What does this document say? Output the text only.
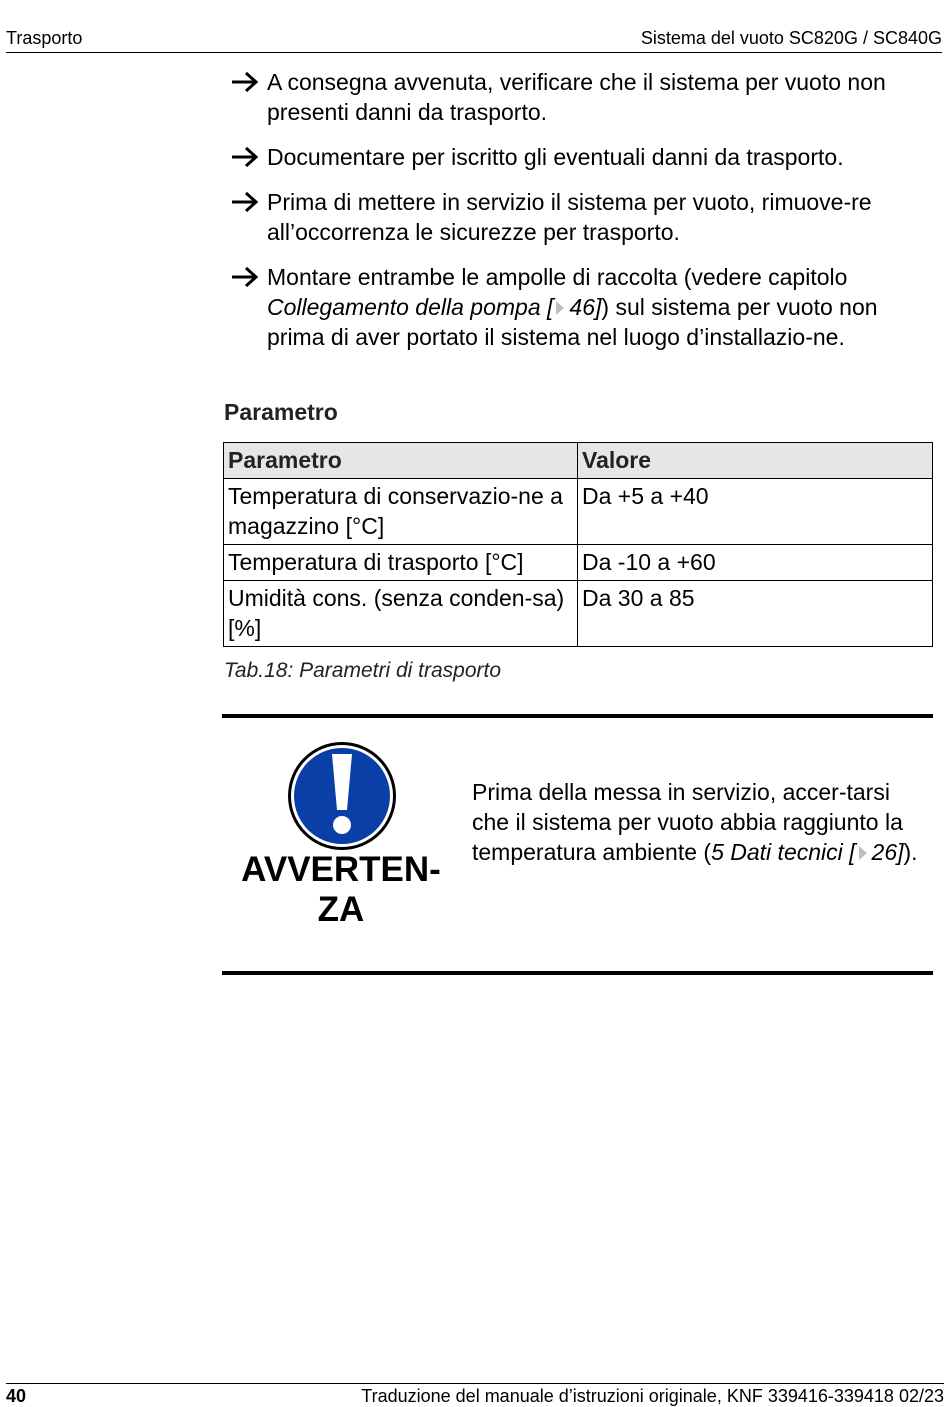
Trasporto	Sistema del vuoto SC820G / SC840G
A consegna avvenuta, verificare che il sistema per vuoto non presenti danni da trasporto.
Documentare per iscritto gli eventuali danni da trasporto.
Prima di mettere in servizio il sistema per vuoto, rimuove-re all’occorrenza le sicurezze per trasporto.
Montare entrambe le ampolle di raccolta (vedere capitolo Collegamento della pompa [ 46]) sul sistema per vuoto non prima di aver portato il sistema nel luogo d’installazio-ne.
Parametro
Parametro	Valore
Temperatura di conservazio-ne a magazzino [°C]	Da +5 a +40
Temperatura di trasporto [°C]	Da -10 a +60
Umidità cons. (senza conden-sa) [%]	Da 30 a 85
Tab.18: Parametri di trasporto
AVVERTEN-
ZA
Prima della messa in servizio, accer-tarsi che il sistema per vuoto abbia raggiunto la temperatura ambiente (5 Dati tecnici [ 26]).
40	Traduzione del manuale d’istruzioni originale, KNF 339416-339418 02/23
